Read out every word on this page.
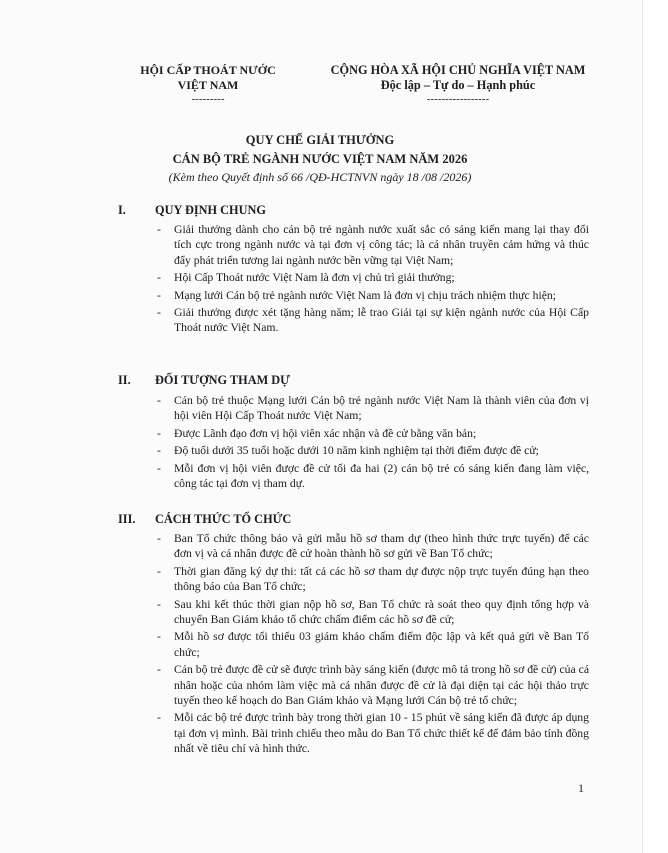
HỘI CẤP THOÁT NƯỚC
VIỆT NAM
---------
CỘNG HÒA XÃ HỘI CHỦ NGHĨA VIỆT NAM
Độc lập – Tự do – Hạnh phúc
-----------------
QUY CHẾ GIẢI THƯỞNG
CÁN BỘ TRẺ NGÀNH NƯỚC VIỆT NAM NĂM 2026
(Kèm theo Quyết định số 66 /QĐ-HCTNVN ngày 18 /08 /2026)
I. QUY ĐỊNH CHUNG
- Giải thưởng dành cho cán bộ trẻ ngành nước xuất sắc có sáng kiến mang lại thay đổi tích cực trong ngành nước và tại đơn vị công tác; là cá nhân truyền cảm hứng và thúc đẩy phát triển tương lai ngành nước bền vững tại Việt Nam;
- Hội Cấp Thoát nước Việt Nam là đơn vị chủ trì giải thưởng;
- Mạng lưới Cán bộ trẻ ngành nước Việt Nam là đơn vị chịu trách nhiệm thực hiện;
- Giải thưởng được xét tặng hàng năm; lễ trao Giải tại sự kiện ngành nước của Hội Cấp Thoát nước Việt Nam.
II. ĐỐI TƯỢNG THAM DỰ
- Cán bộ trẻ thuộc Mạng lưới Cán bộ trẻ ngành nước Việt Nam là thành viên của đơn vị hội viên Hội Cấp Thoát nước Việt Nam;
- Được Lãnh đạo đơn vị hội viên xác nhận và đề cử bằng văn bản;
- Độ tuổi dưới 35 tuổi hoặc dưới 10 năm kinh nghiệm tại thời điểm được đề cử;
- Mỗi đơn vị hội viên được đề cử tối đa hai (2) cán bộ trẻ có sáng kiến đang làm việc, công tác tại đơn vị tham dự.
III. CÁCH THỨC TỔ CHỨC
- Ban Tổ chức thông báo và gửi mẫu hồ sơ tham dự (theo hình thức trực tuyến) để các đơn vị và cá nhân được đề cử hoàn thành hồ sơ gửi về Ban Tổ chức;
- Thời gian đăng ký dự thi: tất cả các hồ sơ tham dự được nộp trực tuyến đúng hạn theo thông báo của Ban Tổ chức;
- Sau khi kết thúc thời gian nộp hồ sơ, Ban Tổ chức rà soát theo quy định tổng hợp và chuyển Ban Giám khảo tổ chức chấm điểm các hồ sơ đề cử;
- Mỗi hồ sơ được tối thiểu 03 giám khảo chấm điểm độc lập và kết quả gửi về Ban Tổ chức;
- Cán bộ trẻ được đề cử sẽ được trình bày sáng kiến (được mô tả trong hồ sơ đề cử) của cá nhân hoặc của nhóm làm việc mà cá nhân được đề cử là đại diện tại các hội thảo trực tuyến theo kế hoạch do Ban Giám khảo và Mạng lưới Cán bộ trẻ tổ chức;
- Mỗi các bộ trẻ được trình bày trong thời gian 10 - 15 phút về sáng kiến đã được áp dụng tại đơn vị mình. Bài trình chiếu theo mẫu do Ban Tổ chức thiết kế để đảm bảo tính đồng nhất về tiêu chí và hình thức.
1
